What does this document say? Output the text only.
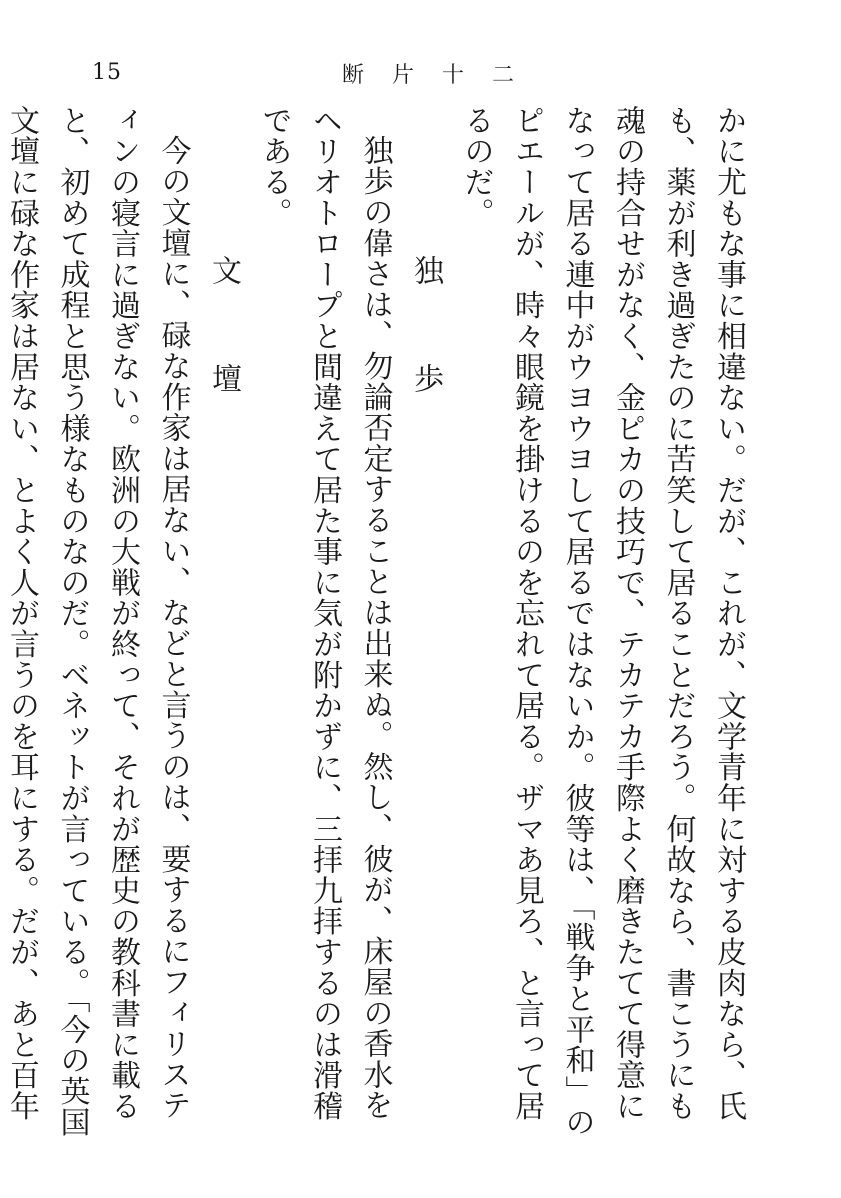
15	断片十二

かに尤もな事に相違ない。だが、これが、文学青年に対する皮肉なら、氏も、薬が利き過ぎたのに苦笑して居ることだろう。何故なら、書こうにも魂の持合せがなく、金ピカの技巧で、テカテカ手際よく磨きたてて得意になって居る連中がウヨウヨして居るではないか。彼等は、「戦争と平和」のピエールが、時々眼鏡を掛けるのを忘れて居る。ザマあ見ろ、と言って居るのだ。

独歩

独歩の偉さは、勿論否定することは出来ぬ。然し、彼が、床屋の香水をヘリオトロープと間違えて居た事に気が附かずに、三拝九拝するのは滑稽である。

文壇

今の文壇に、碌な作家は居ない、などと言うのは、要するにフィリスティンの寝言に過ぎない。欧洲の大戦が終って、それが歴史の教科書に載ると、初めて成程と思う様なものなのだ。ベネットが言っている。「今の英国文壇に碌な作家は居ない、とよく人が言うのを耳にする。だが、あと百年
